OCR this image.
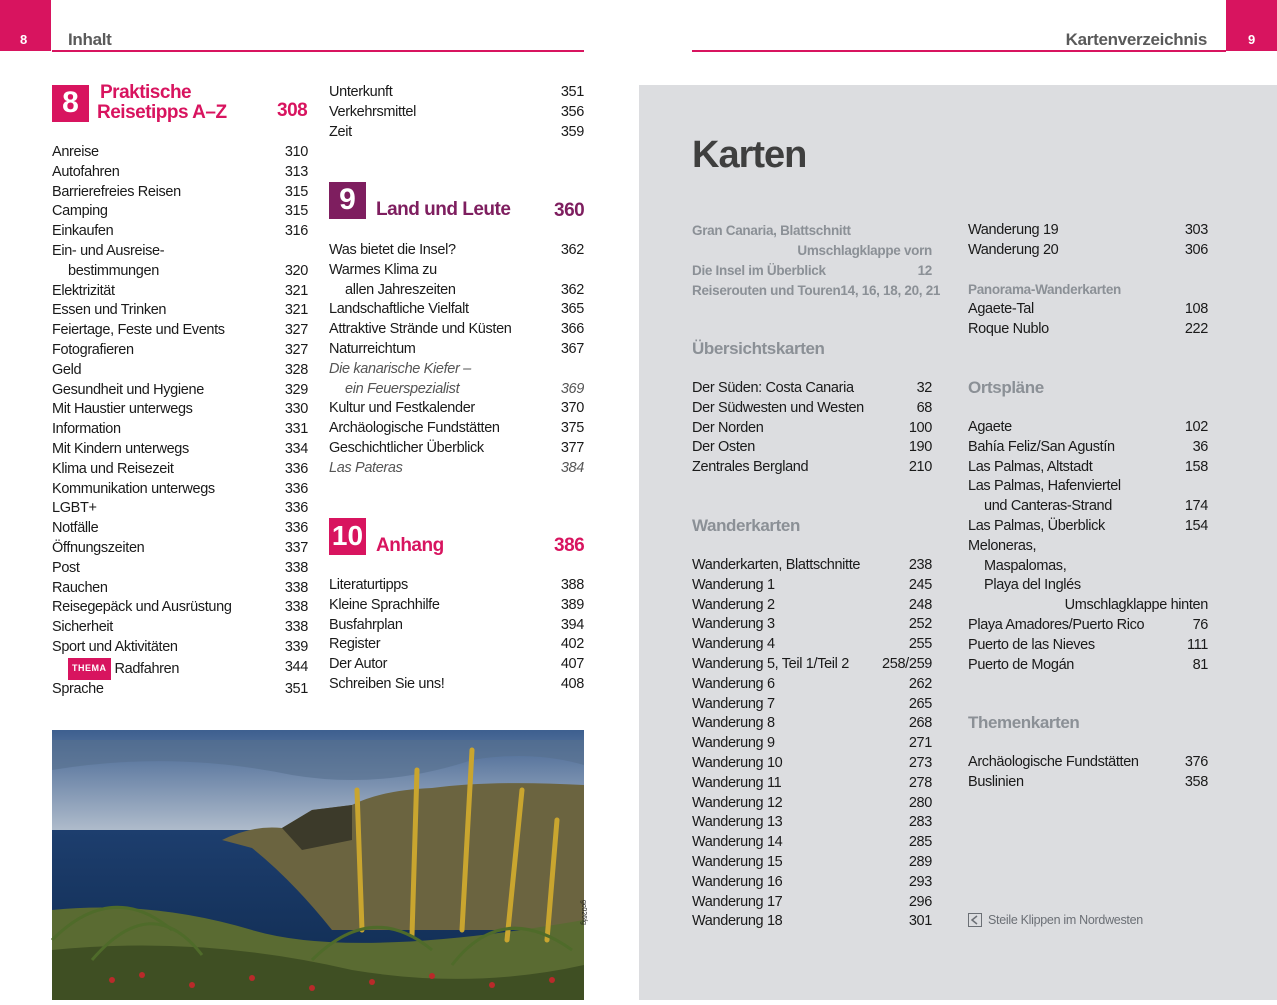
8 Inhalt
8	Praktische
Reisetipps A–Z	308
Anreise	310
Autofahren	313
Barrierefreies Reisen	315
Camping	315
Einkaufen	316
Ein- und Ausreise-
bestimmungen	320
Elektrizität	321
Essen und Trinken	321
Feiertage, Feste und Events	327
Fotografieren	327
Geld	328
Gesundheit und Hygiene	329
Mit Haustier unterwegs	330
Information	331
Mit Kindern unterwegs	334
Klima und Reisezeit	336
Kommunikation unterwegs	336
LGBT+	336
Notfälle	336
Öffnungszeiten	337
Post	338
Rauchen	338
Reisegepäck und Ausrüstung	338
Sicherheit	338
Sport und Aktivitäten	339
THEMA Radfahren	344
Sprache	351
Unterkunft	351
Verkehrsmittel	356
Zeit	359
9	Land und Leute 360
Was bietet die Insel?	362
Warmes Klima zu
allen Jahreszeiten	362
Landschaftliche Vielfalt	365
Attraktive Strände und Küsten	366
Naturreichtum	367
Die kanarische Kiefer –
ein Feuerspezialist	369
Kultur und Festkalender	370
Archäologische Fundstätten	375
Geschichtlicher Überblick	377
Las Pateras	384
10 Anhang	386
Literaturtipps	388
Kleine Sprachhilfe	389
Busfahrplan	394
Register	402
Der Autor	407
Schreiben Sie uns!	408
gc026fg
9
Kartenverzeichnis
Karten
Gran Canaria, Blattschnitt
Umschlagklappe vorn
Die Insel im Überblick	12
Reiserouten und Touren 14, 16, 18, 20, 21
Übersichtskarten
Der Süden: Costa Canaria	32
Der Südwesten und Westen	68
Der Norden	100
Der Osten	190
Zentrales Bergland	210
Wanderkarten
Wanderkarten, Blattschnitte	238
Wanderung 1	245
Wanderung 2	248
Wanderung 3	252
Wanderung 4	255
Wanderung 5, Teil 1/Teil 2 258/259
Wanderung 6	262
Wanderung 7	265
Wanderung 8	268
Wanderung 9	271
Wanderung 10	273
Wanderung 11	278
Wanderung 12	280
Wanderung 13	283
Wanderung 14	285
Wanderung 15	289
Wanderung 16	293
Wanderung 17	296
Wanderung 18	301
Wanderung 19	303
Wanderung 20	306
Panorama-Wanderkarten
Agaete-Tal	108
Roque Nublo	222
Ortspläne
Agaete	102
Bahía Feliz/San Agustín	36
Las Palmas, Altstadt	158
Las Palmas, Hafenviertel
und Canteras-Strand	174
Las Palmas, Überblick	154
Meloneras,
Maspalomas,
Playa del Inglés
Umschlagklappe hinten
Playa Amadores/Puerto Rico	76
Puerto de las Nieves	111
Puerto de Mogán	81
Themenkarten
Archäologische Fundstätten	376
Buslinien	358
Steile Klippen im Nordwesten
